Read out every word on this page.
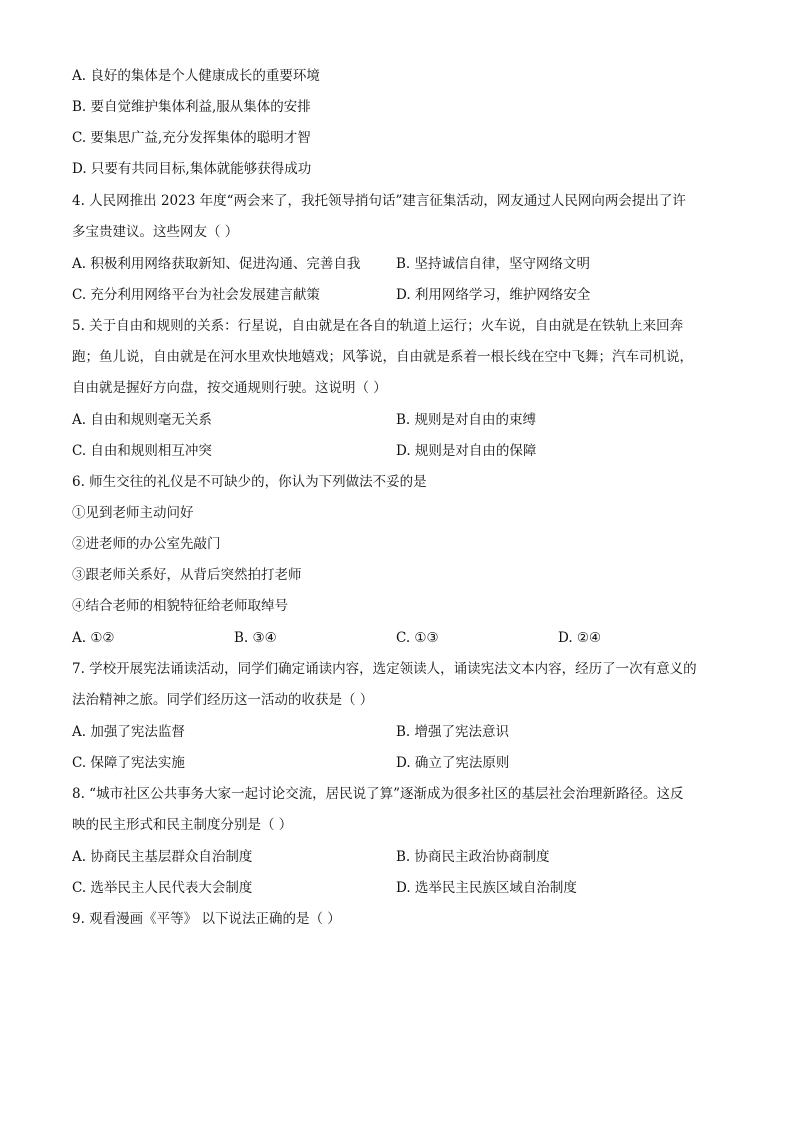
A. 良好的集体是个人健康成长的重要环境
B. 要自觉维护集体利益,服从集体的安排
C. 要集思广益,充分发挥集体的聪明才智
D. 只要有共同目标,集体就能够获得成功
4. 人民网推出 2023 年度“两会来了，我托领导捎句话”建言征集活动，网友通过人民网向两会提出了许
多宝贵建议。这些网友（ ）
A. 积极利用网络获取新知、促进沟通、完善自我	B. 坚持诚信自律，坚守网络文明
C. 充分利用网络平台为社会发展建言献策	D. 利用网络学习，维护网络安全
5. 关于自由和规则的关系：行星说，自由就是在各自的轨道上运行；火车说，自由就是在铁轨上来回奔
跑；鱼儿说，自由就是在河水里欢快地嬉戏；风筝说，自由就是系着一根长线在空中飞舞；汽车司机说，
自由就是握好方向盘，按交通规则行驶。这说明（ ）
A. 自由和规则毫无关系	B. 规则是对自由的束缚
C. 自由和规则相互冲突	D. 规则是对自由的保障
6. 师生交往的礼仪是不可缺少的，你认为下列做法不妥的是
①见到老师主动问好
②进老师的办公室先敲门
③跟老师关系好，从背后突然拍打老师
④结合老师的相貌特征给老师取绰号
A. ①②	B. ③④	C. ①③	D. ②④
7. 学校开展宪法诵读活动，同学们确定诵读内容，选定领读人，诵读宪法文本内容，经历了一次有意义的
法治精神之旅。同学们经历这一活动的收获是（ ）
A. 加强了宪法监督	B. 增强了宪法意识
C. 保障了宪法实施	D. 确立了宪法原则
8. “城市社区公共事务大家一起讨论交流，居民说了算”逐渐成为很多社区的基层社会治理新路径。这反
映的民主形式和民主制度分别是（ ）
A. 协商民主基层群众自治制度	B. 协商民主政治协商制度
C. 选举民主人民代表大会制度	D. 选举民主民族区域自治制度
9. 观看漫画《平等》 以下说法正确的是（ ）
